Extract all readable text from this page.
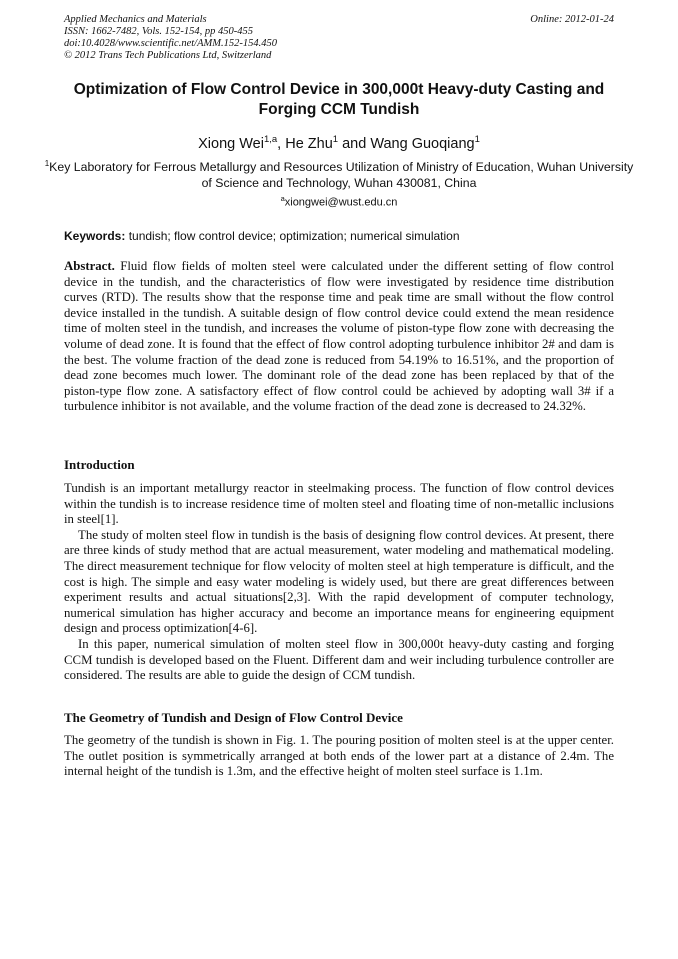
Applied Mechanics and Materials
ISSN: 1662-7482, Vols. 152-154, pp 450-455
doi:10.4028/www.scientific.net/AMM.152-154.450
© 2012 Trans Tech Publications Ltd, Switzerland
Online: 2012-01-24
Optimization of Flow Control Device in 300,000t Heavy-duty Casting and Forging CCM Tundish
Xiong Wei$^{1,a}$, He Zhu$^1$ and Wang Guoqiang$^1$
$^1$Key Laboratory for Ferrous Metallurgy and Resources Utilization of Ministry of Education, Wuhan University of Science and Technology, Wuhan 430081, China
$^a$xiongwei@wust.edu.cn
Keywords: tundish; flow control device; optimization; numerical simulation
Abstract. Fluid flow fields of molten steel were calculated under the different setting of flow control device in the tundish, and the characteristics of flow were investigated by residence time distribution curves (RTD). The results show that the response time and peak time are small without the flow control device installed in the tundish. A suitable design of flow control device could extend the mean residence time of molten steel in the tundish, and increases the volume of piston-type flow zone with decreasing the volume of dead zone. It is found that the effect of flow control adopting turbulence inhibitor 2# and dam is the best. The volume fraction of the dead zone is reduced from 54.19% to 16.51%, and the proportion of dead zone becomes much lower. The dominant role of the dead zone has been replaced by that of the piston-type flow zone. A satisfactory effect of flow control could be achieved by adopting wall 3# if a turbulence inhibitor is not available, and the volume fraction of the dead zone is decreased to 24.32%.
Introduction

Tundish is an important metallurgy reactor in steelmaking process. The function of flow control devices within the tundish is to increase residence time of molten steel and floating time of non-metallic inclusions in steel[1].

The study of molten steel flow in tundish is the basis of designing flow control devices. At present, there are three kinds of study method that are actual measurement, water modeling and mathematical modeling. The direct measurement technique for flow velocity of molten steel at high temperature is difficult, and the cost is high. The simple and easy water modeling is widely used, but there are great differences between experiment results and actual situations[2,3]. With the rapid development of computer technology, numerical simulation has higher accuracy and become an importance means for engineering equipment design and process optimization[4-6].

In this paper, numerical simulation of molten steel flow in 300,000t heavy-duty casting and forging CCM tundish is developed based on the Fluent. Different dam and weir including turbulence controller are considered. The results are able to guide the design of CCM tundish.

The Geometry of Tundish and Design of Flow Control Device
The geometry of the tundish is shown in Fig. 1. The pouring position of molten steel is at the upper center. The outlet position is symmetrically arranged at both ends of the lower part at a distance of 2.4m. The internal height of the tundish is 1.3m, and the effective height of molten steel surface is 1.1m.
